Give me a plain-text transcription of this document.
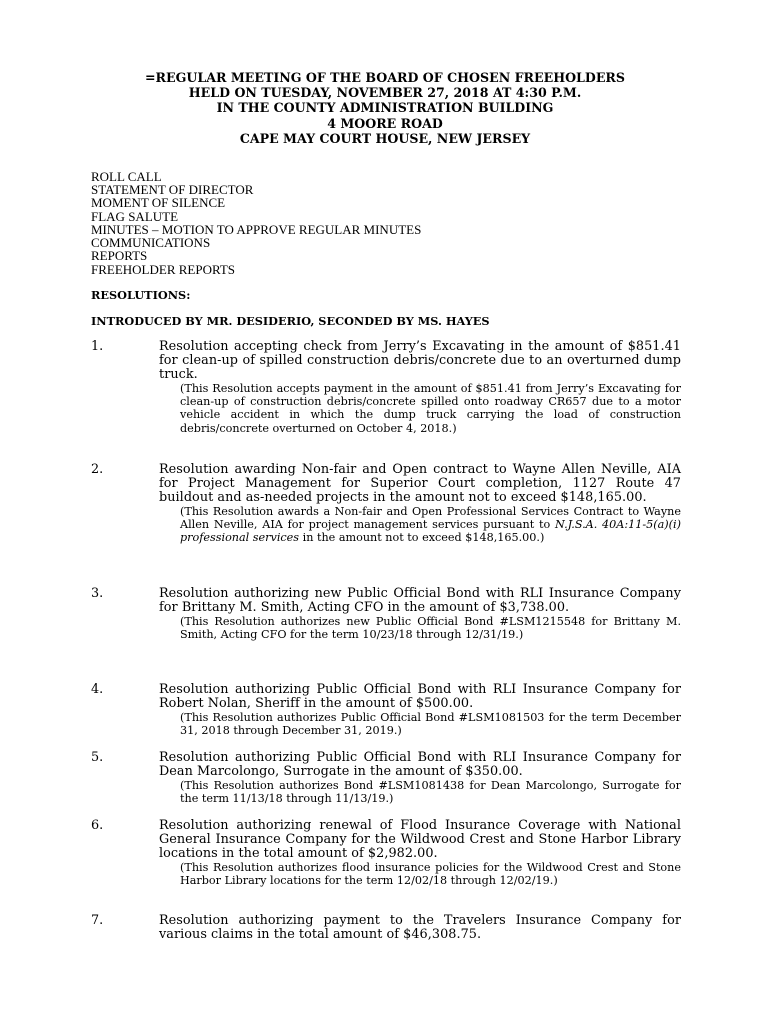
=REGULAR MEETING OF THE BOARD OF CHOSEN FREEHOLDERS
HELD ON TUESDAY, NOVEMBER 27, 2018 AT 4:30 P.M.
IN THE COUNTY ADMINISTRATION BUILDING
4 MOORE ROAD
CAPE MAY COURT HOUSE, NEW JERSEY
ROLL CALL
STATEMENT OF DIRECTOR
MOMENT OF SILENCE
FLAG SALUTE
MINUTES – MOTION TO APPROVE REGULAR MINUTES
COMMUNICATIONS
REPORTS
FREEHOLDER REPORTS
RESOLUTIONS:
INTRODUCED BY MR. DESIDERIO, SECONDED BY MS. HAYES
1.	Resolution accepting check from Jerry’s Excavating in the amount of $851.41 for clean-up of spilled construction debris/concrete due to an overturned dump truck.
(This Resolution accepts payment in the amount of $851.41 from Jerry’s Excavating for clean-up of construction debris/concrete spilled onto roadway CR657 due to a motor vehicle accident in which the dump truck carrying the load of construction debris/concrete overturned on October 4, 2018.)
2.	Resolution awarding Non-fair and Open contract to Wayne Allen Neville, AIA for Project Management for Superior Court completion, 1127 Route 47 buildout and as-needed projects in the amount not to exceed $148,165.00.
(This Resolution awards a Non-fair and Open Professional Services Contract to Wayne Allen Neville, AIA for project management services pursuant to N.J.S.A. 40A:11-5(a)(i) professional services in the amount not to exceed $148,165.00.)
3.	Resolution authorizing new Public Official Bond with RLI Insurance Company for Brittany M. Smith, Acting CFO in the amount of $3,738.00.
(This Resolution authorizes new Public Official Bond #LSM1215548 for Brittany M. Smith, Acting CFO for the term 10/23/18 through 12/31/19.)
4.	Resolution authorizing Public Official Bond with RLI Insurance Company for Robert Nolan, Sheriff in the amount of $500.00.
(This Resolution authorizes Public Official Bond #LSM1081503 for the term December 31, 2018 through December 31, 2019.)
5.	Resolution authorizing Public Official Bond with RLI Insurance Company for Dean Marcolongo, Surrogate in the amount of $350.00.
(This Resolution authorizes Bond #LSM1081438 for Dean Marcolongo, Surrogate for the term 11/13/18 through 11/13/19.)
6.	Resolution authorizing renewal of Flood Insurance Coverage with National General Insurance Company for the Wildwood Crest and Stone Harbor Library locations in the total amount of $2,982.00.
(This Resolution authorizes flood insurance policies for the Wildwood Crest and Stone Harbor Library locations for the term 12/02/18 through 12/02/19.)
7.	Resolution authorizing payment to the Travelers Insurance Company for various claims in the total amount of $46,308.75.
